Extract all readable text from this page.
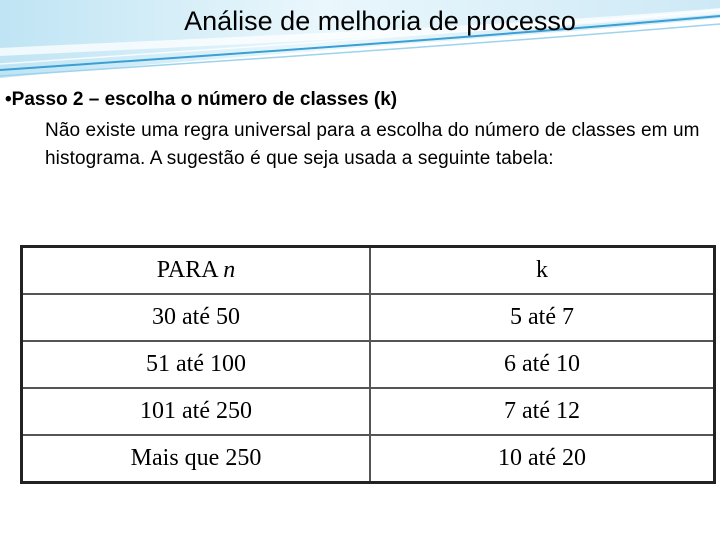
Análise de melhoria de processo
•Passo 2 – escolha o número de classes (k)
Não existe uma regra universal para a escolha do número de classes em um histograma. A sugestão é que seja usada a seguinte tabela:
PARA n	k
30 até 50	5 até 7
51 até 100	6 até 10
101 até 250	7 até 12
Mais que 250	10 até 20
